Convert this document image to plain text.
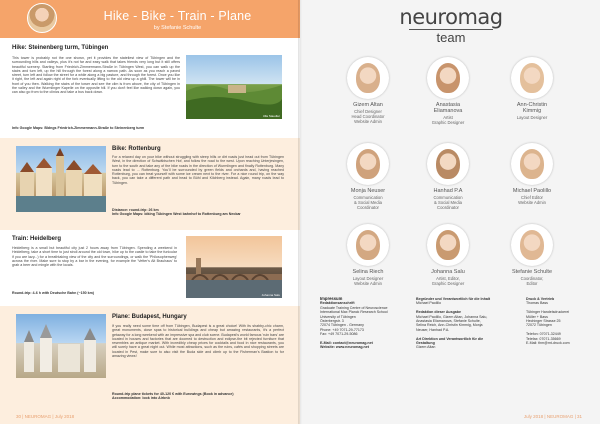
Hike - Bike - Train - Plane
by Stefanie Schulte
Hike: Steinenberg turm, Tübingen
This tower is probably not the one shown, yet it provides the stateliest view of Tübingen and the surrounding hills and valleys, plus it's not far and easy walk that takes friends very long but it still offers beautiful scenery. Starting from Friedrich-Zimmermann-Straße in Tübingen West, you can walk up the stairs and turn left, up the hill through the forest along a narrow path. As soon as you reach a paved street, turn left and follow the street for a while along a big pasture, and through the forest. Once you like it right, the left and again right of the fork eventually lifting to the old view up a ghill. The tower will be in front of you then. Walking the stairs of the tower and see the clim is from above, the city of Tübingen in the valley and the Wurmlinger Kapelle on the opposite hill. If you don't feel like walking down again, you can also go from to the clinics and take a bus back down.
Info Google Maps: Bldngs Friedrich-Zimmermann-Straße to Steinenberg turm
Ulla Staudler
Bike: Rottenburg
For a relaxed day on your bike without struggling with steep hills or dirt roads just head out from Tübingen West, in the direction of Schwäbischen Hof, and follow the road to the west. Upon reaching Unterjesingen, turn to the south and take any of the bike roads in the direction of Wurmlingen and finally Rottenburg. Many roads lead to ... Rottenburg. You'll be surrounded by green fields and orchards and, having reached Rottenburg, you can treat yourself with some ice cream next to the river. For a nice round trip, on the way back, you can take a different path and head to Bühl and Kilchberg instead. Again, many roads lead to Tübingen.
Distance: round-trip: 26 km
Info Google Maps: biking Tübingen West bahnhof to Rottenburg am Neckar
Train: Heidelberg
Heidelberg is a small but beautiful city just 2 hours away from Tübingen. Spending a weekend in Heidelberg, take a short time to just stroll around the old town, hike up to the castle to take the funicular if you are lazy...) for a breathtaking view of the city and the surroundings, or walk the 'Philosophenweg' across the river. Make sure to stop by a bar in the evening, for example the 'Vetter's Alt Brauhaus' to grab a beer and mingle with the locals.
Round-trip: 4-6 h with Deutsche Bahn (~150 km)	Johanna Salu
Plane: Budapest, Hungary
If you really need some time off from Tübingen, Budapest is a great choice! With its shabby-chic charm, great monuments, close spas to historical buildings and cheap but amazing restaurants, it's a perfect getaway for a long weekend with an impressive spa and club scene. Budapest's world famous 'ruin bars' are located in houses and factories that are doomed to destruction and eclipse-the bit rejected furniture that resembles an antique market. With incredibly cheap prices for cocktails and food in nice restaurants, you will surely have a great night out. While most attractions, such as the ruins, cafés and shopping streets are located in Pest, make sure to also visit the Buda side and climb up to the Fisherman's Bastion to for amazing views!
Round-trip plane tickets for 40-120 € with Eurowings (Book in advance)
Accommodation: look into Airbnb
30 | NEUROMAG | July 2018
neuromag
team
Gizem Altan
Chief Designer
Head Coordinator
Website Admin
Anastasia
Eliamanova
Artist
Graphic Designer
Ann-Christin
Kimmig
Layout Designer
Monja Neuser
Communication
& Social Media
Coordinator
Hanhad P.A
Communication
& Social Media
Coordinator
Michael Paolillo
Chief Editor
Website Admin
Selina Riech
Layout Designer
Website Admin
Johanna Salu
Artist, Editor,
Graphic Designer
Stefanie Schulte
Coordinator,
Editor
Impressum
Redaktionsanschrift
Graduate Training Centre of Neuroscience
International Max Planck Research School
University of Tübingen
Österbergstr. 3
72074 Tübingen - Germany
Phone: +49 7071-29-77173
Fax: +49 7071-29-5086
E-Mail: contact@neuromag.net
Website: www.neuromag.net
Begründer und Verantwortlich für die Inhalt
Michael Paolillo
Redaktion dieser Ausgabe
Michael Paolillo, Gizem Altan, Johanna Salu,
Anastasia Eliamanova, Stefanie Schulte,
Selina Reich, Ann-Christin Kimmig, Monja
Neuser, Hanhad P.A.
Art Direktion und Verantwortlich für die
Gestaltung
Gizem Altan
Druck & Vertrieb
Thomas Bass
Tübinger Handelsdruckerei
Müller + Bass
Hechinger Strasse 25
72072 Tübingen
Telefon: 07071-32449
Telefax: 07071-35669
E-Mail: thm@mt-druck.com
July 2018 | NEUROMAG | 31
